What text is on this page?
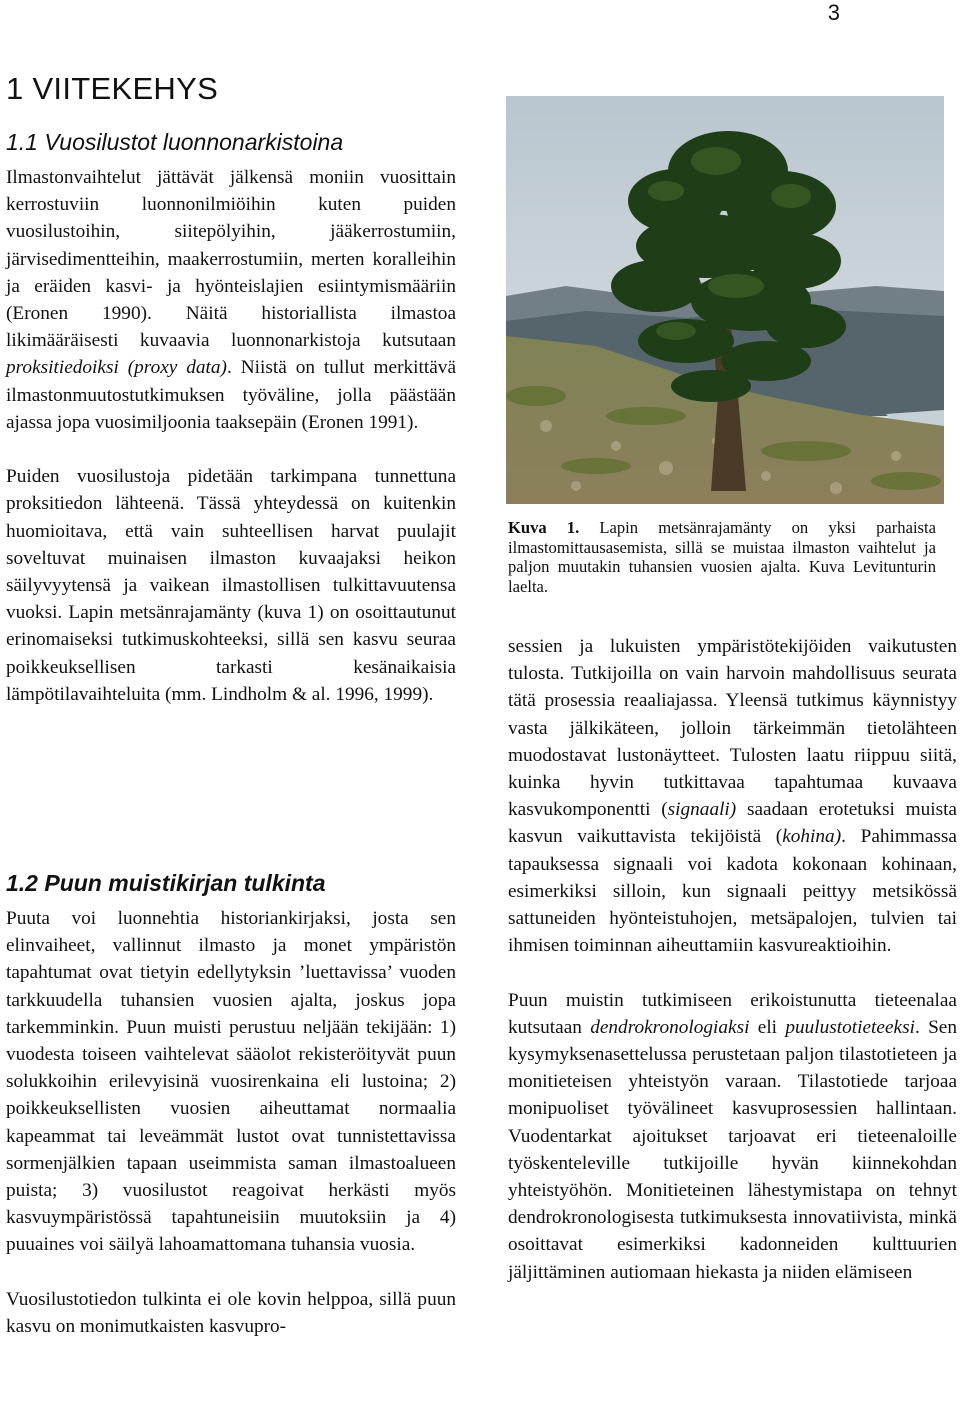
3
1 VIITEKEHYS
1.1 Vuosilustot luonnonarkistoina

Ilmastonvaihtelut jättävät jälkensä moniin vuosittain kerrostuviin luonnonilmiöihin kuten puiden vuosilustoihin, siitepölyihin, jääkerrostumiin, järvisedimentteihin, maakerrostumiin, merten koralleihin ja eräiden kasvi- ja hyönteislajien esiintymismääriin (Eronen 1990). Näitä historiallista ilmastoa likimääräisesti kuvaavia luonnonarkistoja kutsutaan proksitiedoiksi (proxy data). Niistä on tullut merkittävä ilmastonmuutostutkimuksen työväline, jolla päästään ajassa jopa vuosimiljoonia taaksepäin (Eronen 1991).

Puiden vuosilustoja pidetään tarkimpana tunnettuna proksitiedon lähteenä. Tässä yhteydessä on kuitenkin huomioitava, että vain suhteellisen harvat puulajit soveltuvat muinaisen ilmaston kuvaajaksi heikon säilyvyytensä ja vaikean ilmastollisen tulkittavuutensa vuoksi. Lapin metsänrajamänty (kuva 1) on osoittautunut erinomaiseksi tutkimuskohteeksi, sillä sen kasvu seuraa poikkeuksellisen tarkasti kesänaikaisia lämpötilavaihteluita (mm. Lindholm & al. 1996, 1999).

1.2 Puun muistikirjan tulkinta

Puuta voi luonnehtia historiankirjaksi, josta sen elinvaiheet, vallinnut ilmasto ja monet ympäristön tapahtumat ovat tietyin edellytyksin ’luettavissa’ vuoden tarkkuudella tuhansien vuosien ajalta, joskus jopa tarkemminkin. Puun muisti perustuu neljään tekijään: 1) vuodesta toiseen vaihtelevat sääolot rekisteröityvät puun solukkoihin erilevyisinä vuosirenkaina eli lustoina; 2) poikkeuksellisten vuosien aiheuttamat normaalia kapeammat tai leveämmät lustot ovat tunnistettavissa sormenjälkien tapaan useimmista saman ilmastoalueen puista; 3) vuosilustot reagoivat herkästi myös kasvuympäristössä tapahtuneisiin muutoksiin ja 4) puuaines voi säilyä lahoamattomana tuhansia vuosia.

Vuosilustotiedon tulkinta ei ole kovin helppoa, sillä puun kasvu on monimutkaisten kasvupro-

Kuva 1. Lapin metsänrajamänty on yksi parhaista ilmastomittausasemista, sillä se muistaa ilmaston vaihtelut ja paljon muutakin tuhansien vuosien ajalta. Kuva Levitunturin laelta.

sessien ja lukuisten ympäristötekijöiden vaikutusten tulosta. Tutkijoilla on vain harvoin mahdollisuus seurata tätä prosessia reaaliajassa. Yleensä tutkimus käynnistyy vasta jälkikäteen, jolloin tärkeimmän tietolähteen muodostavat lustonäytteet. Tulosten laatu riippuu siitä, kuinka hyvin tutkittavaa tapahtumaa kuvaava kasvukomponentti (signaali) saadaan erotetuksi muista kasvun vaikuttavista tekijöistä (kohina). Pahimmassa tapauksessa signaali voi kadota kokonaan kohinaan, esimerkiksi silloin, kun signaali peittyy metsikössä sattuneiden hyönteistuhojen, metsäpalojen, tulvien tai ihmisen toiminnan aiheuttamiin kasvureaktioihin.

Puun muistin tutkimiseen erikoistunutta tieteenalaa kutsutaan dendrokronologiaksi eli puulustotieteeksi. Sen kysymyksenasettelussa perustetaan paljon tilastotieteen ja monitieteisen yhteistyön varaan. Tilastotiede tarjoaa monipuoliset työvälineet kasvuprosessien hallintaan. Vuodentarkat ajoitukset tarjoavat eri tieteenaloille työskenteleville tutkijoille hyvän kiinnekohdan yhteistyöhön. Monitieteinen lähestymistapa on tehnyt dendrokronologisesta tutkimuksesta innovatiivista, minkä osoittavat esimerkiksi kadonneiden kulttuurien jäljittäminen autiomaan hiekasta ja niiden elämiseen
